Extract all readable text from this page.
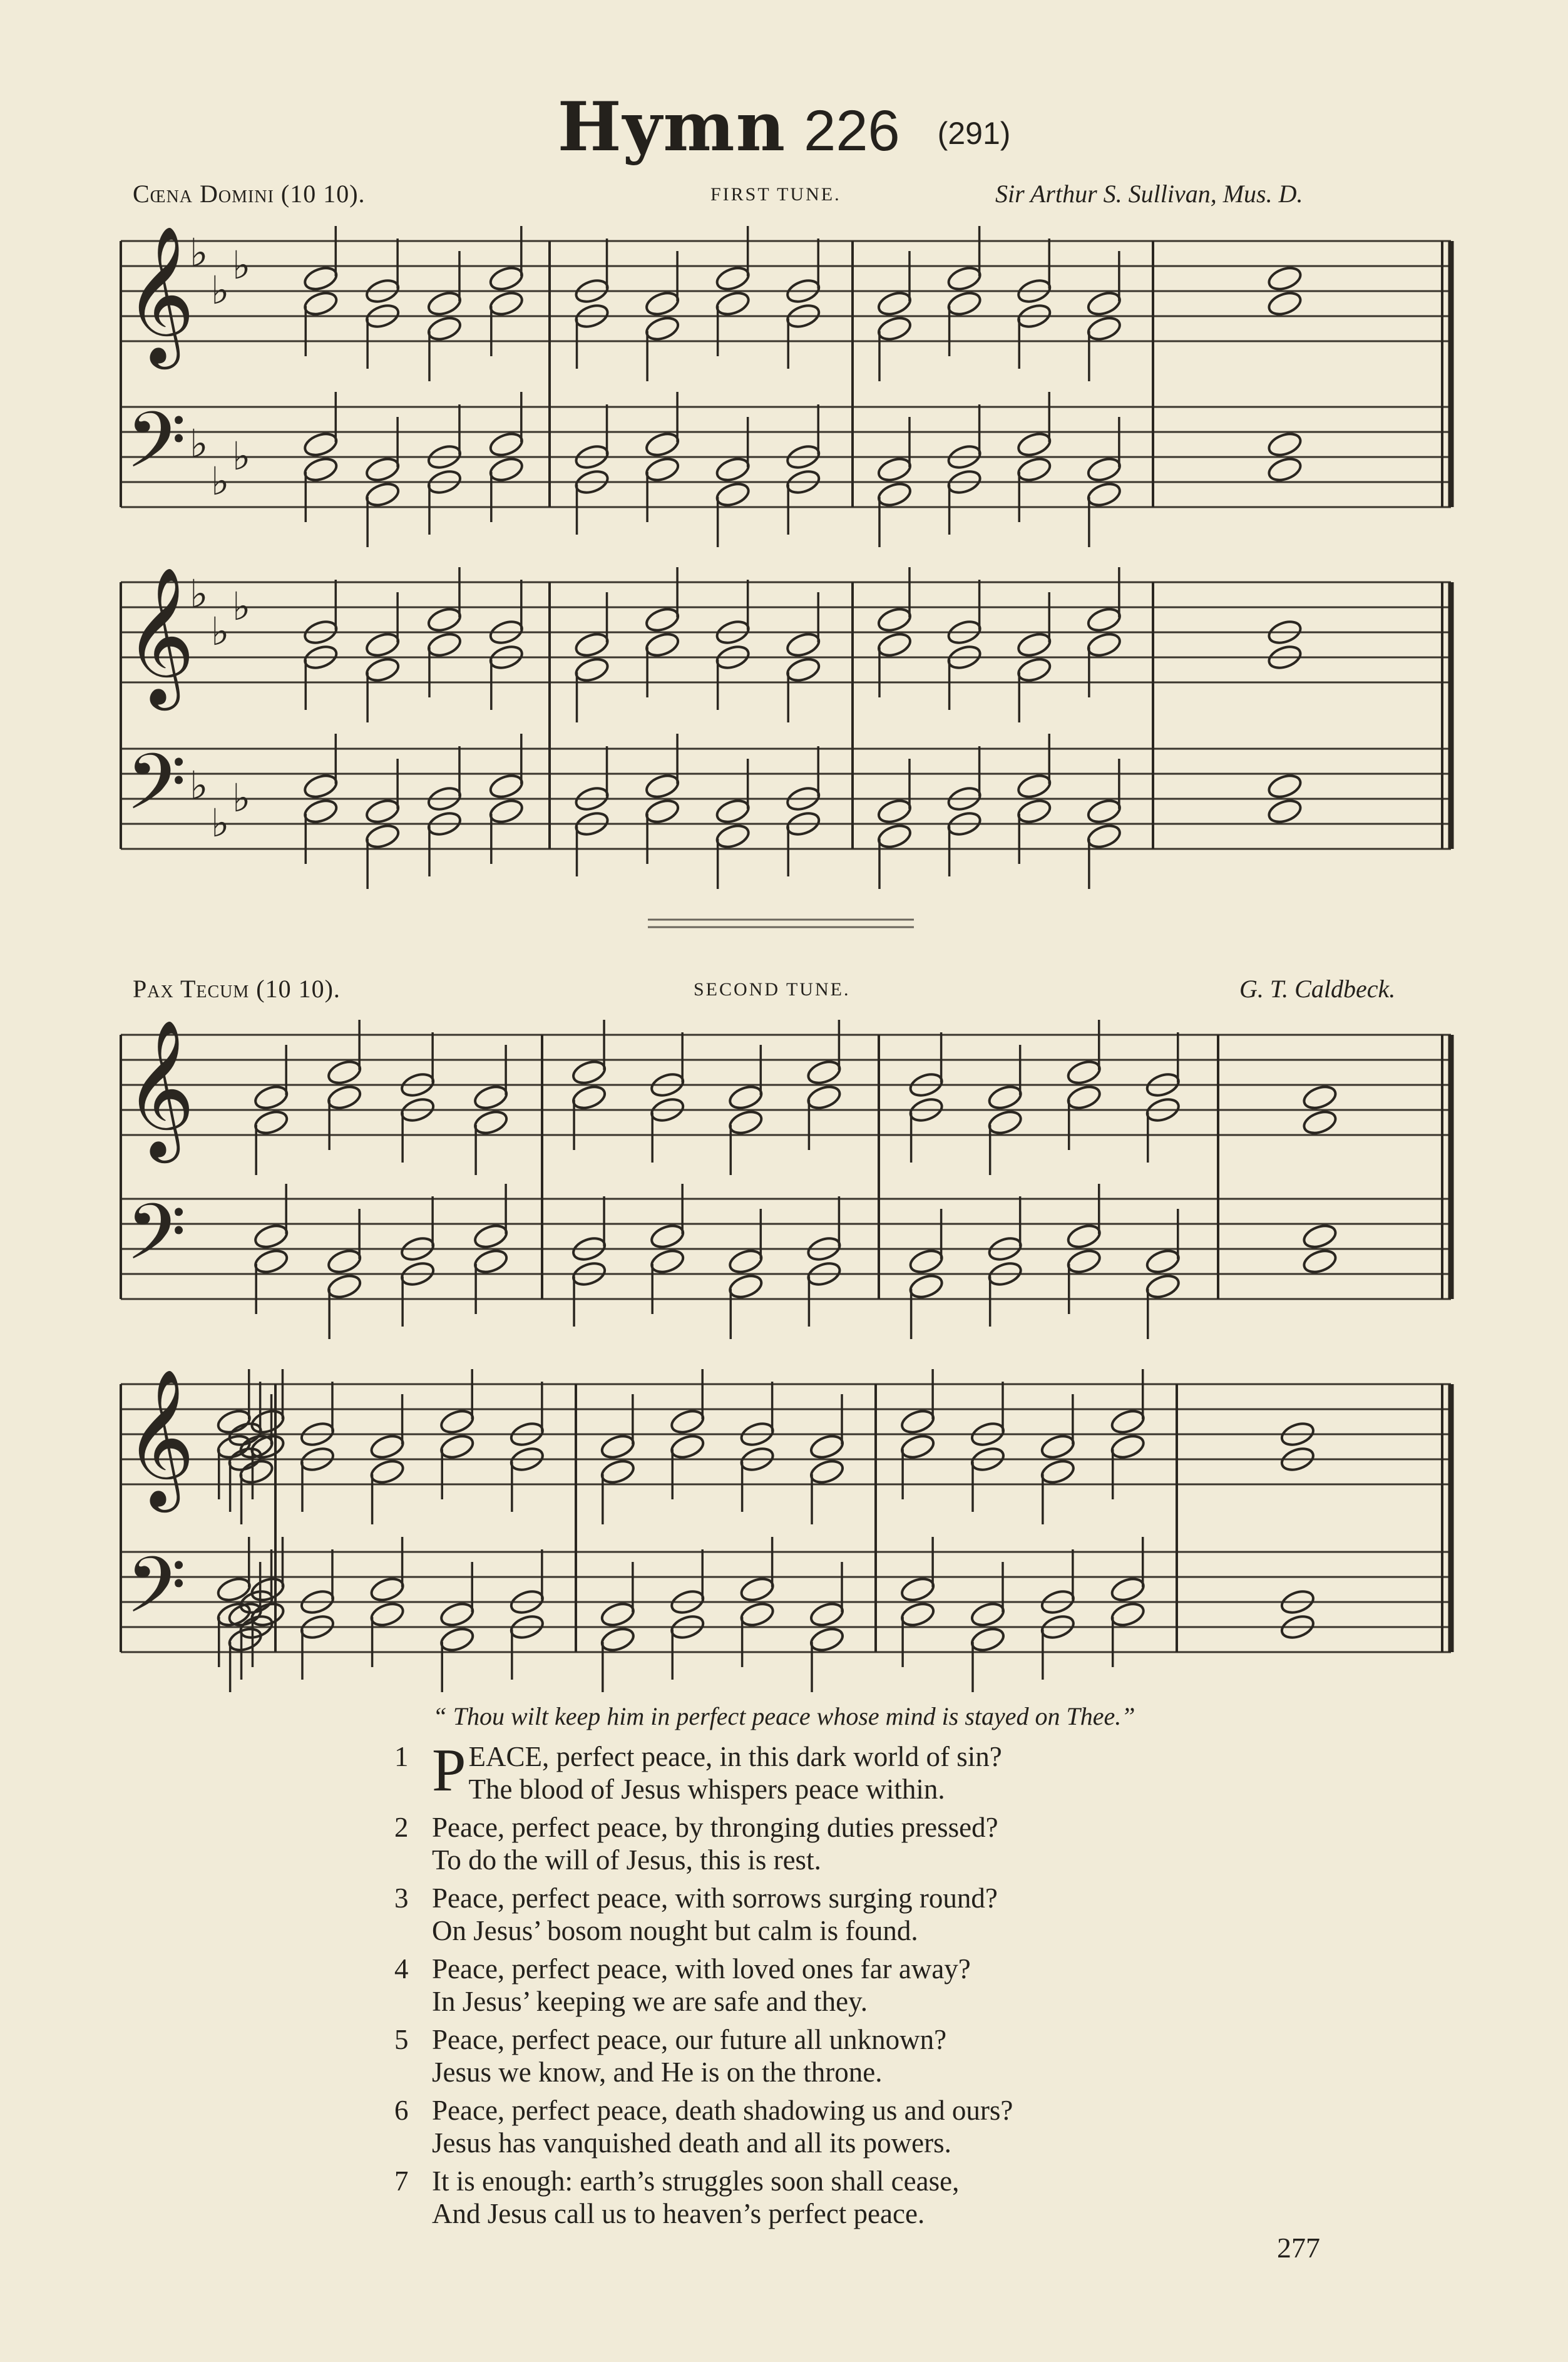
Hymn 226 (291)
Cœna Domini (10 10).	FIRST TUNE.	Sir Arthur S. Sullivan, Mus. D.
Pax Tecum (10 10).	SECOND TUNE.	G. T. Caldbeck.
𝄞
𝄢
♭
♭
♭
♭
♭
♭
𝄞
𝄢
♭
♭
♭
♭
♭
♭
𝄞
𝄢
𝄞
𝄢
“ Thou wilt keep him in perfect peace whose mind is stayed on Thee.”
1 P EACE, perfect peace, in this dark world of sin?
The blood of Jesus whispers peace within.
2 Peace, perfect peace, by thronging duties pressed?
To do the will of Jesus, this is rest.
3 Peace, perfect peace, with sorrows surging round?
On Jesus’ bosom nought but calm is found.
4 Peace, perfect peace, with loved ones far away?
In Jesus’ keeping we are safe and they.
5 Peace, perfect peace, our future all unknown?
Jesus we know, and He is on the throne.
6 Peace, perfect peace, death shadowing us and ours?
Jesus has vanquished death and all its powers.
7 It is enough: earth’s struggles soon shall cease,
And Jesus call us to heaven’s perfect peace.
277
